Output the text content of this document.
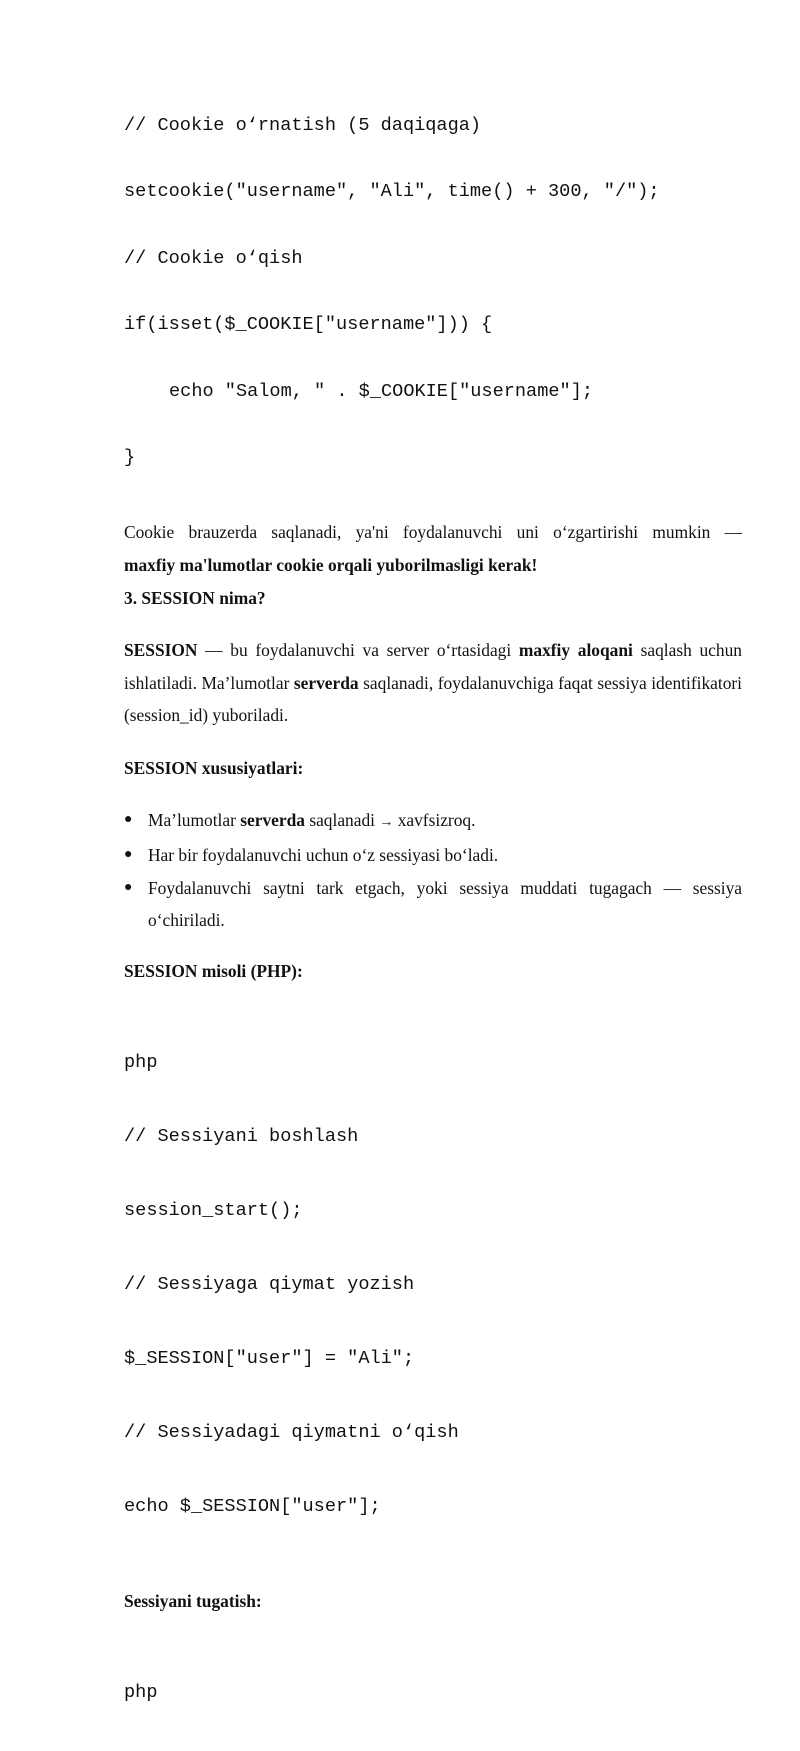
// Cookie o‘rnatish (5 daqiqaga)

setcookie("username", "Ali", time() + 300, "/");

// Cookie o‘qish

if(isset($_COOKIE["username"])) {

echo "Salom, " . $_COOKIE["username"];

}

Cookie brauzerda saqlanadi, ya'ni foydalanuvchi uni o‘zgartirishi mumkin —
maxfiy ma'lumotlar cookie orqali yuborilmasligi kerak!

3. SESSION nima?

SESSION — bu foydalanuvchi va server o‘rtasidagi maxfiy aloqani saqlash uchun ishlatiladi. Ma’lumotlar serverda saqlanadi, foydalanuvchiga faqat sessiya identifikatori (session_id) yuboriladi.

SESSION xususiyatlari:

● Ma’lumotlar serverda saqlanadi → xavfsizroq.
● Har bir foydalanuvchi uchun o‘z sessiyasi bo‘ladi.
● Foydalanuvchi saytni tark etgach, yoki sessiya muddati tugagach — sessiya o‘chiriladi.

SESSION misoli (PHP):

php

// Sessiyani boshlash

session_start();

// Sessiyaga qiymat yozish

$_SESSION["user"] = "Ali";

// Sessiyadagi qiymatni o‘qish

echo $_SESSION["user"];

Sessiyani tugatish:

php
